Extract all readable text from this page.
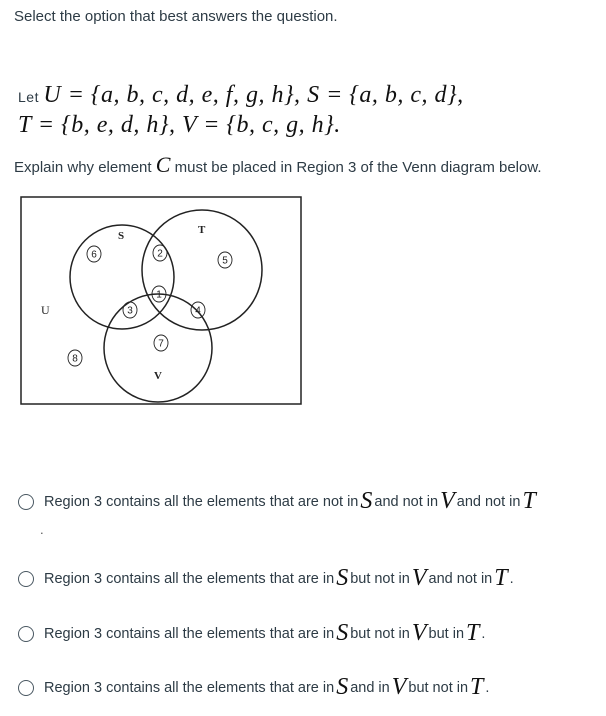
Select the option that best answers the question.
Let U = {a, b, c, d, e, f, g, h}, S = {a, b, c, d},
T = {b, e, d, h}, V = {b, c, g, h}.
Explain why element C must be placed in Region 3 of the Venn diagram below.
U
S	T
V
1
2
3	4
5
6
7
8
Region 3 contains all the elements that are not in S and not in V and not in T
.
Region 3 contains all the elements that are in S but not in V and not in T .
Region 3 contains all the elements that are in S but not in V but in T .
Region 3 contains all the elements that are in S and in V but not in T .
